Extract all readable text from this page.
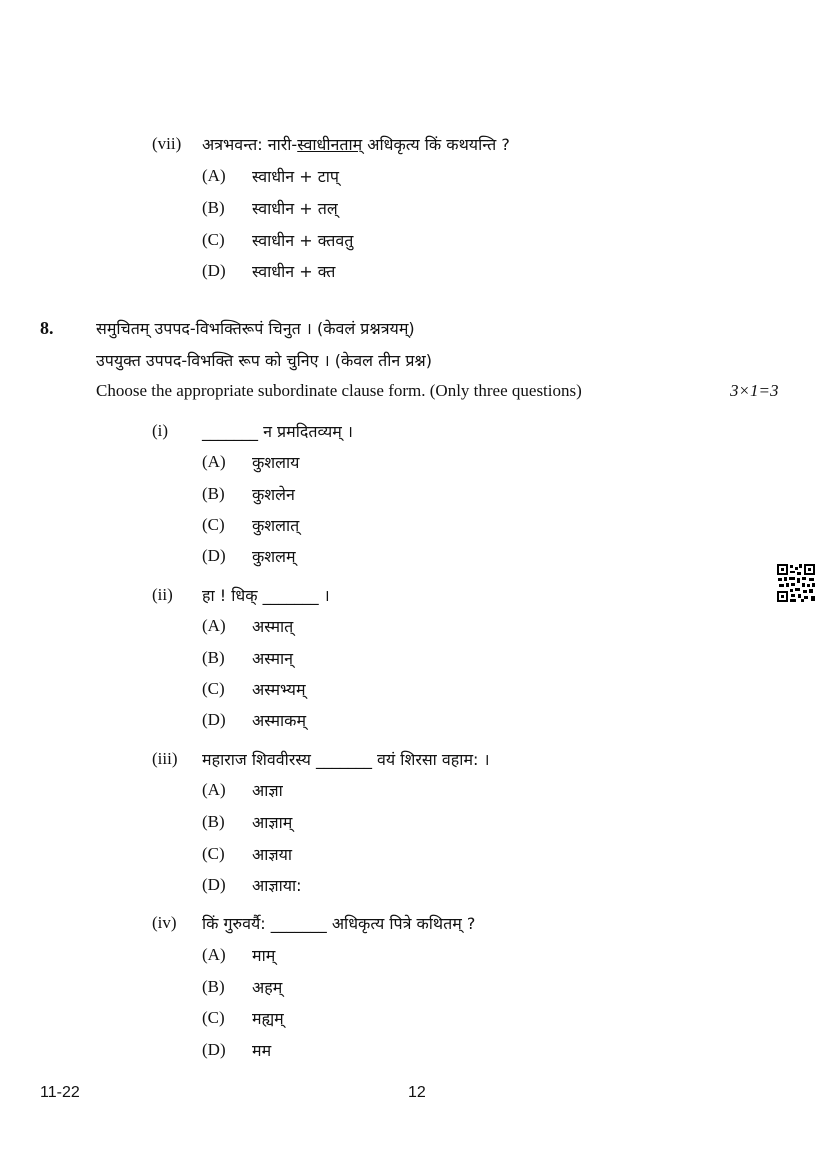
(vii) अत्रभवन्त: नारी-स्वाधीनताम् अधिकृत्य किं कथयन्ति ?
(A) स्वाधीन + टाप्
(B) स्वाधीन + तल्
(C) स्वाधीन + क्तवतु
(D) स्वाधीन + क्त
8.	समुचितम् उपपद-विभक्तिरूपं चिनुत । (केवलं प्रश्नत्रयम्)
उपयुक्त उपपद-विभक्ति रूप को चुनिए । (केवल तीन प्रश्न)
Choose the appropriate subordinate clause form. (Only three questions)	3×1=3
(i) _______ न प्रमदितव्यम् ।
(A) कुशलाय
(B) कुशलेन
(C) कुशलात्
(D) कुशलम्
(ii) हा ! धिक् _______ ।
(A) अस्मात्
(B) अस्मान्
(C) अस्मभ्यम्
(D) अस्माकम्
(iii) महाराज शिववीरस्य _______ वयं शिरसा वहाम: ।
(A) आज्ञा
(B) आज्ञाम्
(C) आज्ञया
(D) आज्ञाया:
(iv) किं गुरुवर्यै: _______ अधिकृत्य पित्रे कथितम् ?
(A) माम्
(B) अहम्
(C) मह्यम्
(D) मम
11-22	12
